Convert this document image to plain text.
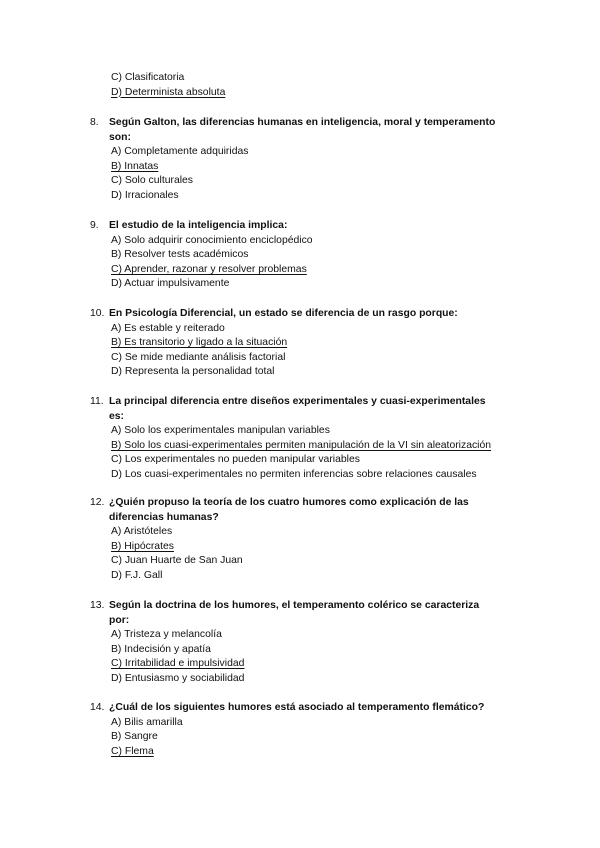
C) Clasificatoria
D) Determinista absoluta
8. Según Galton, las diferencias humanas en inteligencia, moral y temperamento
son:
A) Completamente adquiridas
B) Innatas
C) Solo culturales
D) Irracionales
9. El estudio de la inteligencia implica:
A) Solo adquirir conocimiento enciclopédico
B) Resolver tests académicos
C) Aprender, razonar y resolver problemas
D) Actuar impulsivamente
10. En Psicología Diferencial, un estado se diferencia de un rasgo porque:
A) Es estable y reiterado
B) Es transitorio y ligado a la situación
C) Se mide mediante análisis factorial
D) Representa la personalidad total
11. La principal diferencia entre diseños experimentales y cuasi-experimentales
es:
A) Solo los experimentales manipulan variables
B) Solo los cuasi-experimentales permiten manipulación de la VI sin aleatorización
C) Los experimentales no pueden manipular variables
D) Los cuasi-experimentales no permiten inferencias sobre relaciones causales
12. ¿Quién propuso la teoría de los cuatro humores como explicación de las
diferencias humanas?
A) Aristóteles
B) Hipócrates
C) Juan Huarte de San Juan
D) F.J. Gall
13. Según la doctrina de los humores, el temperamento colérico se caracteriza
por:
A) Tristeza y melancolía
B) Indecisión y apatía
C) Irritabilidad e impulsividad
D) Entusiasmo y sociabilidad
14. ¿Cuál de los siguientes humores está asociado al temperamento flemático?
A) Bilis amarilla
B) Sangre
C) Flema
